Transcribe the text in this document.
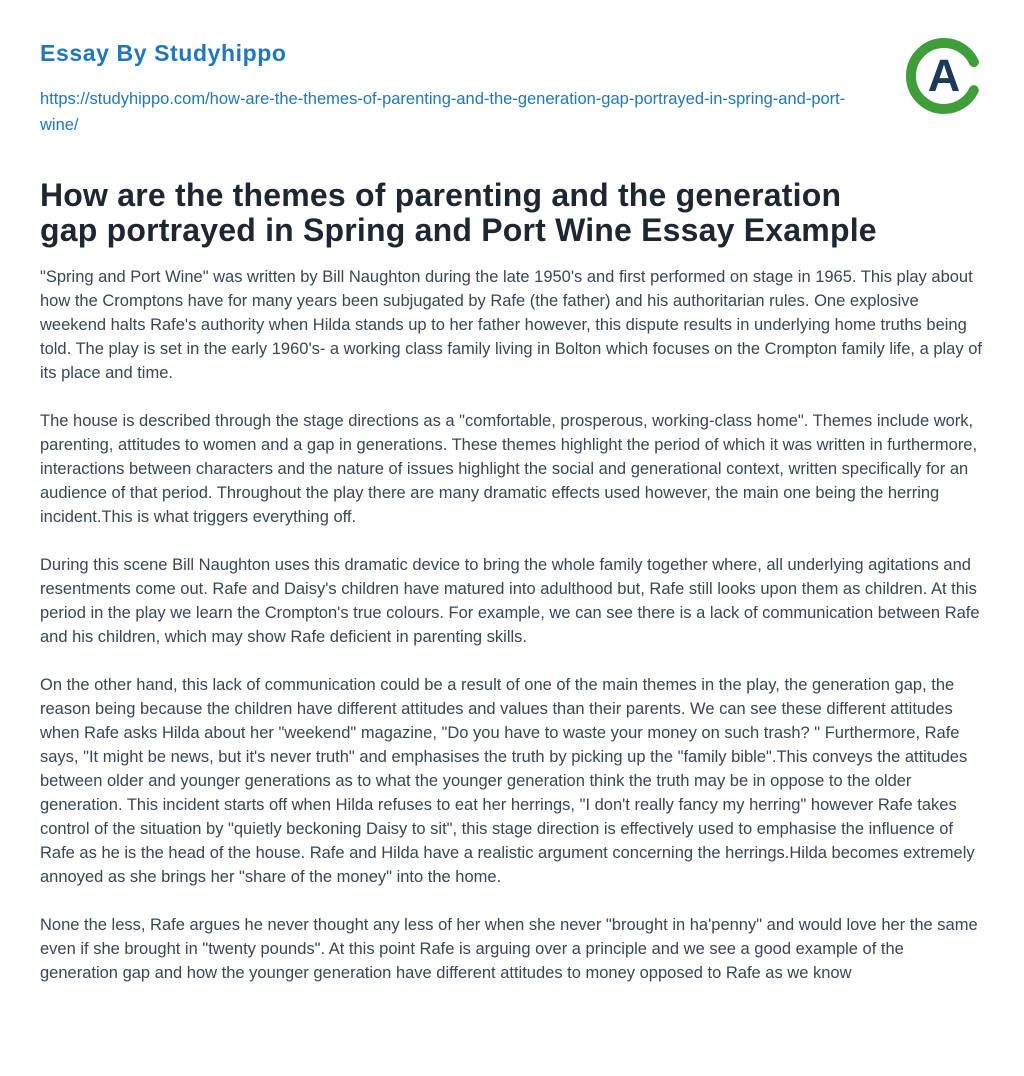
Essay By Studyhippo
https://studyhippo.com/how-are-the-themes-of-parenting-and-the-generation-gap-portrayed-in-spring-and-port-wine/
A
How are the themes of parenting and the generation gap portrayed in Spring and Port Wine Essay Example

"Spring and Port Wine" was written by Bill Naughton during the late 1950's and first performed on stage in 1965. This play about how the Cromptons have for many years been subjugated by Rafe (the father) and his authoritarian rules. One explosive weekend halts Rafe's authority when Hilda stands up to her father however, this dispute results in underlying home truths being told. The play is set in the early 1960's- a working class family living in Bolton which focuses on the Crompton family life, a play of its place and time.

The house is described through the stage directions as a "comfortable, prosperous, working-class home". Themes include work, parenting, attitudes to women and a gap in generations. These themes highlight the period of which it was written in furthermore, interactions between characters and the nature of issues highlight the social and generational context, written specifically for an audience of that period. Throughout the play there are many dramatic effects used however, the main one being the herring incident.This is what triggers everything off.

During this scene Bill Naughton uses this dramatic device to bring the whole family together where, all underlying agitations and resentments come out. Rafe and Daisy's children have matured into adulthood but, Rafe still looks upon them as children. At this period in the play we learn the Crompton's true colours. For example, we can see there is a lack of communication between Rafe and his children, which may show Rafe deficient in parenting skills.

On the other hand, this lack of communication could be a result of one of the main themes in the play, the generation gap, the reason being because the children have different attitudes and values than their parents. We can see these different attitudes when Rafe asks Hilda about her "weekend" magazine, "Do you have to waste your money on such trash? " Furthermore, Rafe says, "It might be news, but it's never truth" and emphasises the truth by picking up the "family bible".This conveys the attitudes between older and younger generations as to what the younger generation think the truth may be in oppose to the older generation. This incident starts off when Hilda refuses to eat her herrings, "I don't really fancy my herring" however Rafe takes control of the situation by "quietly beckoning Daisy to sit", this stage direction is effectively used to emphasise the influence of Rafe as he is the head of the house. Rafe and Hilda have a realistic argument concerning the herrings.Hilda becomes extremely annoyed as she brings her "share of the money" into the home.

None the less, Rafe argues he never thought any less of her when she never "brought in ha'penny" and would love her the same even if she brought in "twenty pounds". At this point Rafe is arguing over a principle and we see a good example of the generation gap and how the younger generation have different attitudes to money opposed to Rafe as we know
